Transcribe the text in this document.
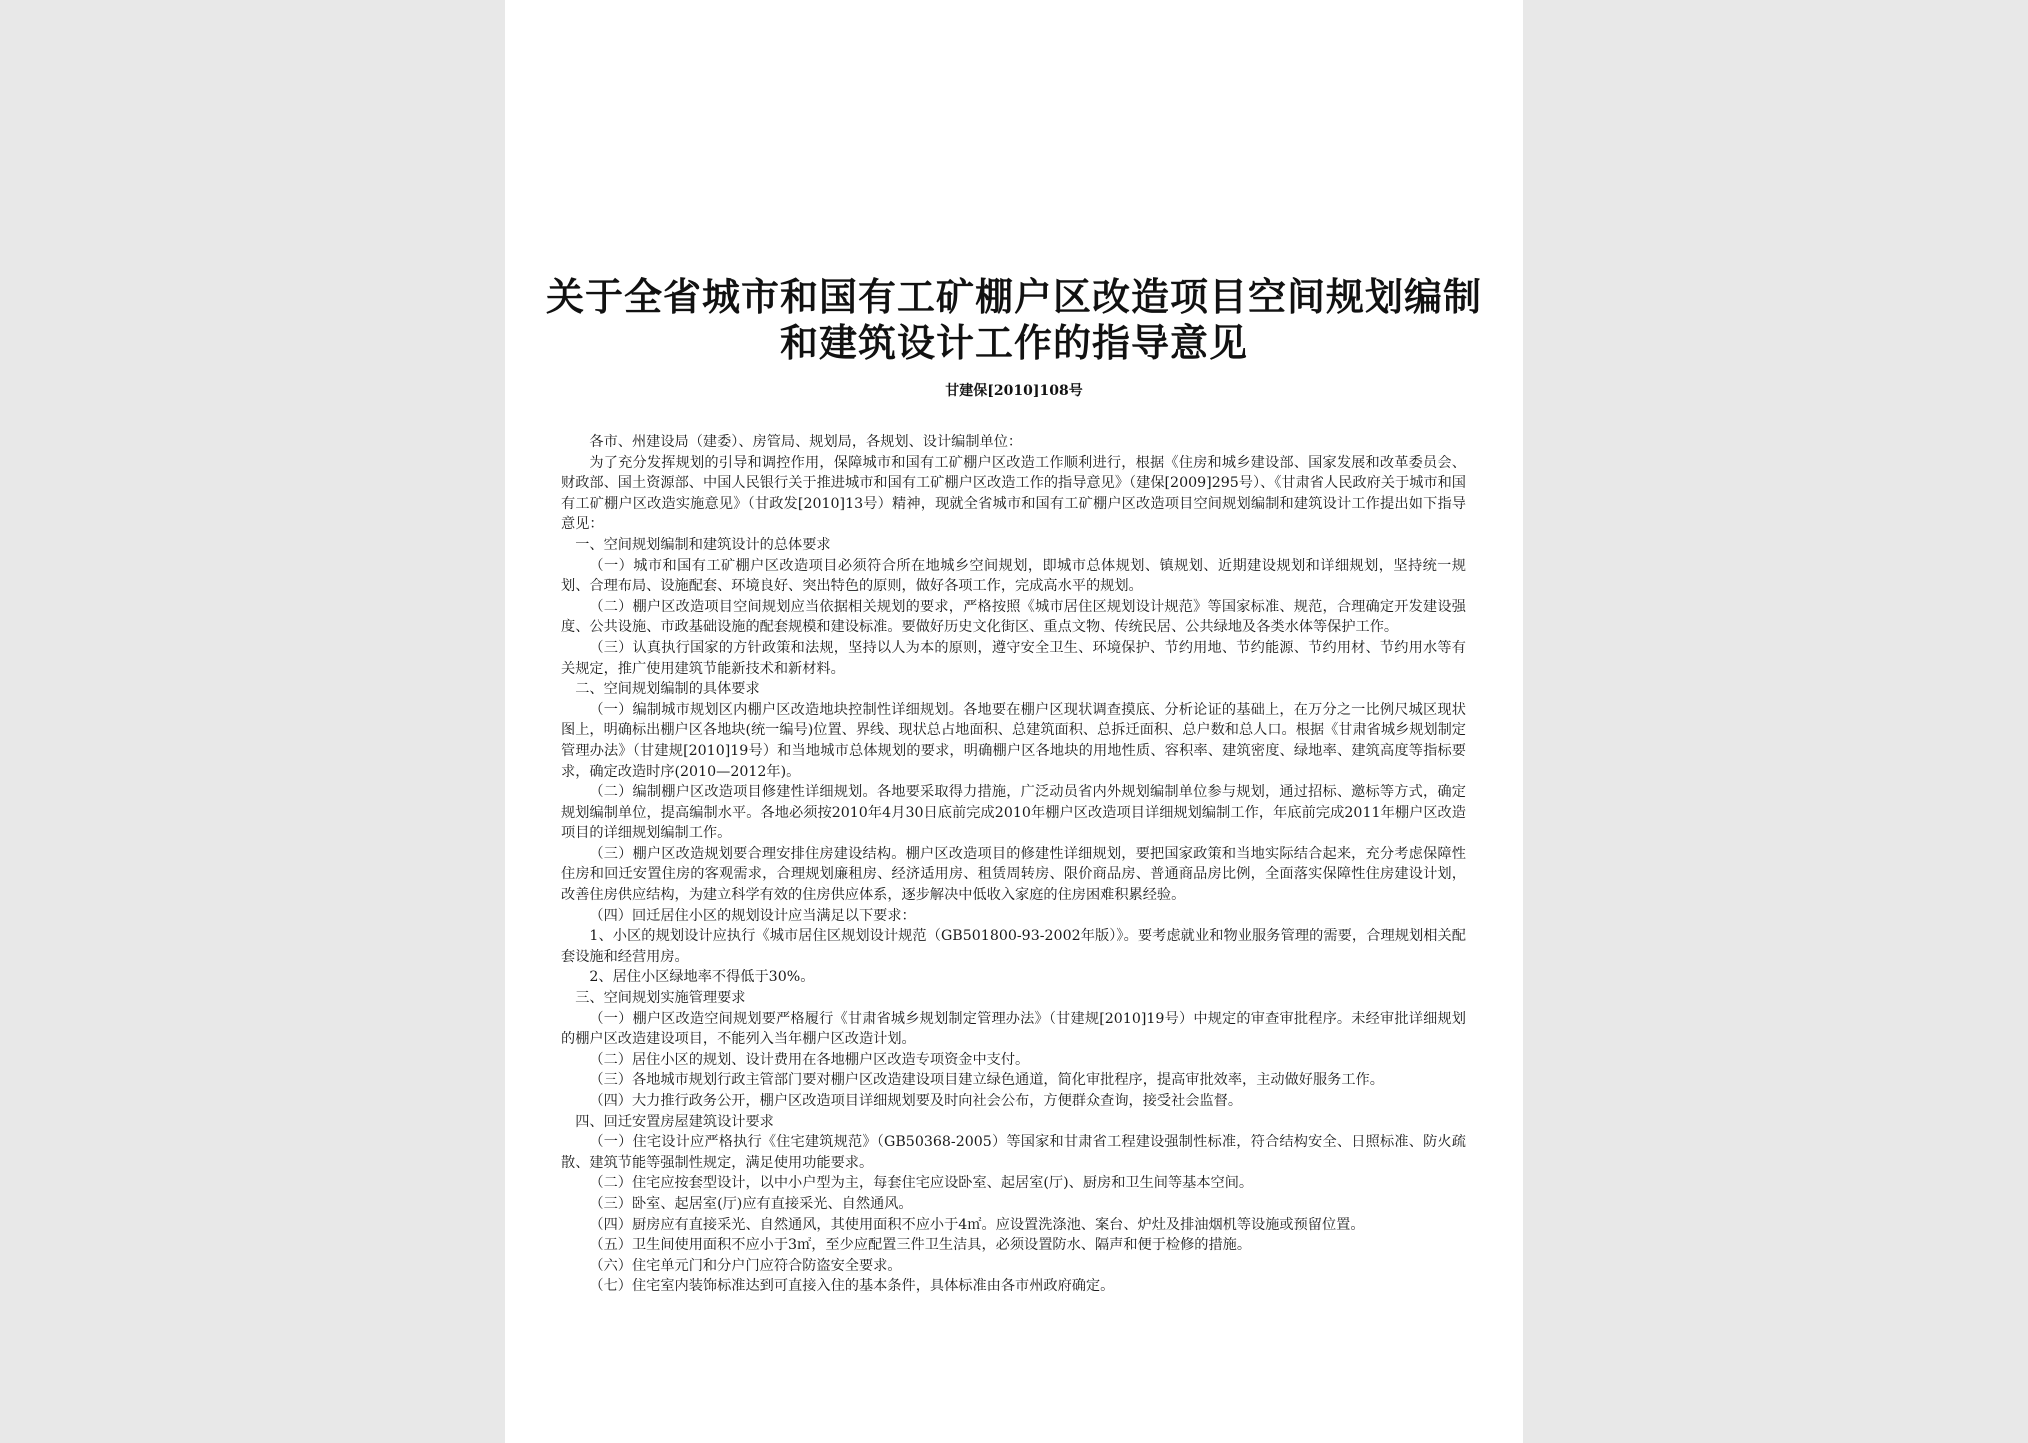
关于全省城市和国有工矿棚户区改造项目空间规划编制
和建筑设计工作的指导意见
甘建保[2010]108号

各市、州建设局（建委）、房管局、规划局，各规划、设计编制单位：

为了充分发挥规划的引导和调控作用，保障城市和国有工矿棚户区改造工作顺利进行，根据《住房和城乡建设部、国家发展和改革委员会、财政部、国土资源部、中国人民银行关于推进城市和国有工矿棚户区改造工作的指导意见》（建保[2009]295号）、《甘肃省人民政府关于城市和国有工矿棚户区改造实施意见》（甘政发[2010]13号）精神，现就全省城市和国有工矿棚户区改造项目空间规划编制和建筑设计工作提出如下指导意见：

一、空间规划编制和建筑设计的总体要求

（一）城市和国有工矿棚户区改造项目必须符合所在地城乡空间规划，即城市总体规划、镇规划、近期建设规划和详细规划，坚持统一规划、合理布局、设施配套、环境良好、突出特色的原则，做好各项工作，完成高水平的规划。

（二）棚户区改造项目空间规划应当依据相关规划的要求，严格按照《城市居住区规划设计规范》等国家标准、规范，合理确定开发建设强度、公共设施、市政基础设施的配套规模和建设标准。要做好历史文化街区、重点文物、传统民居、公共绿地及各类水体等保护工作。

（三）认真执行国家的方针政策和法规，坚持以人为本的原则，遵守安全卫生、环境保护、节约用地、节约能源、节约用材、节约用水等有关规定，推广使用建筑节能新技术和新材料。

二、空间规划编制的具体要求

（一）编制城市规划区内棚户区改造地块控制性详细规划。各地要在棚户区现状调查摸底、分析论证的基础上，在万分之一比例尺城区现状图上，明确标出棚户区各地块(统一编号)位置、界线、现状总占地面积、总建筑面积、总拆迁面积、总户数和总人口。根据《甘肃省城乡规划制定管理办法》（甘建规[2010]19号）和当地城市总体规划的要求，明确棚户区各地块的用地性质、容积率、建筑密度、绿地率、建筑高度等指标要求，确定改造时序(2010—2012年)。

（二）编制棚户区改造项目修建性详细规划。各地要采取得力措施，广泛动员省内外规划编制单位参与规划，通过招标、邀标等方式，确定规划编制单位，提高编制水平。各地必须按2010年4月30日底前完成2010年棚户区改造项目详细规划编制工作，年底前完成2011年棚户区改造项目的详细规划编制工作。

（三）棚户区改造规划要合理安排住房建设结构。棚户区改造项目的修建性详细规划，要把国家政策和当地实际结合起来，充分考虑保障性住房和回迁安置住房的客观需求，合理规划廉租房、经济适用房、租赁周转房、限价商品房、普通商品房比例，全面落实保障性住房建设计划，改善住房供应结构，为建立科学有效的住房供应体系，逐步解决中低收入家庭的住房困难积累经验。

（四）回迁居住小区的规划设计应当满足以下要求：

1、小区的规划设计应执行《城市居住区规划设计规范（GB501800-93-2002年版）》。要考虑就业和物业服务管理的需要，合理规划相关配套设施和经营用房。

2、居住小区绿地率不得低于30%。

三、空间规划实施管理要求

（一）棚户区改造空间规划要严格履行《甘肃省城乡规划制定管理办法》（甘建规[2010]19号）中规定的审查审批程序。未经审批详细规划的棚户区改造建设项目，不能列入当年棚户区改造计划。

（二）居住小区的规划、设计费用在各地棚户区改造专项资金中支付。

（三）各地城市规划行政主管部门要对棚户区改造建设项目建立绿色通道，简化审批程序，提高审批效率，主动做好服务工作。

（四）大力推行政务公开，棚户区改造项目详细规划要及时向社会公布，方便群众查询，接受社会监督。

四、回迁安置房屋建筑设计要求

（一）住宅设计应严格执行《住宅建筑规范》（GB50368-2005）等国家和甘肃省工程建设强制性标准，符合结构安全、日照标准、防火疏散、建筑节能等强制性规定，满足使用功能要求。

（二）住宅应按套型设计，以中小户型为主，每套住宅应设卧室、起居室(厅)、厨房和卫生间等基本空间。

（三）卧室、起居室(厅)应有直接采光、自然通风。

（四）厨房应有直接采光、自然通风，其使用面积不应小于4㎡。应设置洗涤池、案台、炉灶及排油烟机等设施或预留位置。

（五）卫生间使用面积不应小于3㎡，至少应配置三件卫生洁具，必须设置防水、隔声和便于检修的措施。

（六）住宅单元门和分户门应符合防盗安全要求。

（七）住宅室内装饰标准达到可直接入住的基本条件，具体标准由各市州政府确定。
